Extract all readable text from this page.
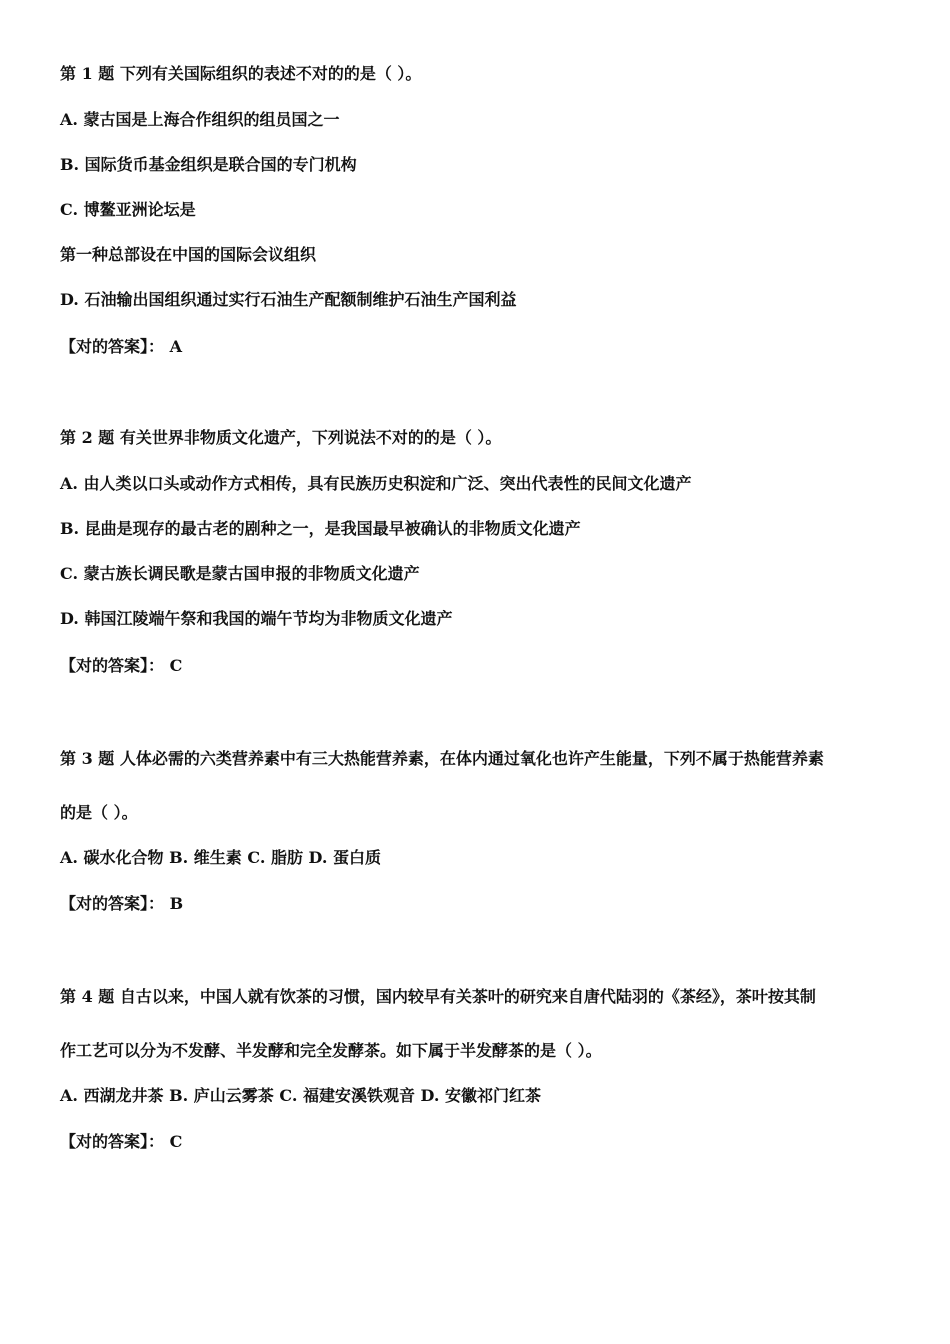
第 1 题 下列有关国际组织的表述不对的的是（ ）。

A. 蒙古国是上海合作组织的组员国之一

B. 国际货币基金组织是联合国的专门机构

C. 博鳌亚洲论坛是

第一种总部设在中国的国际会议组织

D. 石油输出国组织通过实行石油生产配额制维护石油生产国利益

【对的答案】： A

第 2 题 有关世界非物质文化遗产，下列说法不对的的是（ ）。

A. 由人类以口头或动作方式相传，具有民族历史积淀和广泛、突出代表性的民间文化遗产

B. 昆曲是现存的最古老的剧种之一，是我国最早被确认的非物质文化遗产

C. 蒙古族长调民歌是蒙古国申报的非物质文化遗产

D. 韩国江陵端午祭和我国的端午节均为非物质文化遗产

【对的答案】： C

第 3 题 人体必需的六类营养素中有三大热能营养素，在体内通过氧化也许产生能量，下列不属于热能营养素

的是（ ）。

A. 碳水化合物 B. 维生素 C. 脂肪 D. 蛋白质

【对的答案】： B

第 4 题 自古以来，中国人就有饮茶的习惯，国内较早有关茶叶的研究来自唐代陆羽的《茶经》，茶叶按其制

作工艺可以分为不发酵、半发酵和完全发酵茶。如下属于半发酵茶的是（ ）。

A. 西湖龙井茶 B. 庐山云雾茶 C. 福建安溪铁观音 D. 安徽祁门红茶

【对的答案】： C
